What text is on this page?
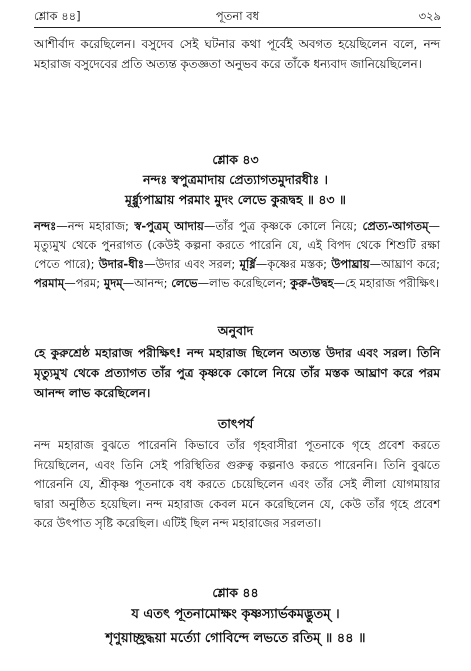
শ্লোক ৪৪]	পূতনা বধ	৩২৯
আশীর্বাদ করেছিলেন। বসুদেব সেই ঘটনার কথা পূর্বেই অবগত হয়েছিলেন বলে, নন্দ মহারাজ বসুদেবের প্রতি অত্যন্ত কৃতজ্ঞতা অনুভব করে তাঁকে ধন্যবাদ জানিয়েছিলেন।
শ্লোক ৪৩
নন্দঃ স্বপুত্রমাদায় প্রেত্যাগতমুদারধীঃ ।
মূর্ধ্ন্যুপাঘ্রায় পরমাং মুদং লেভে কুরূদ্বহ ॥ ৪৩ ॥
নন্দঃ—নন্দ মহারাজ; স্ব-পুত্রম্ আদায়—তাঁর পুত্র কৃষ্ণকে কোলে নিয়ে; প্রেত্য-আগতম্—মৃত্যুমুখ থেকে পুনরাগত (কেউই কল্পনা করতে পারেনি যে, এই বিপদ থেকে শিশুটি রক্ষা পেতে পারে); উদার-ধীঃ—উদার এবং সরল; মূর্ধ্নি—কৃষ্ণের মস্তক; উপাঘ্রায়—আঘ্রাণ করে; পরমাম্—পরম; মুদম্—আনন্দ; লেভে—লাভ করেছিলেন; কুরু-উদ্বহ—হে মহারাজ পরীক্ষিৎ।
অনুবাদ
হে কুরুশ্রেষ্ঠ মহারাজ পরীক্ষিৎ! নন্দ মহারাজ ছিলেন অত্যন্ত উদার এবং সরল। তিনি মৃত্যুমুখ থেকে প্রত্যাগত তাঁর পুত্র কৃষ্ণকে কোলে নিয়ে তাঁর মস্তক আঘ্রাণ করে পরম আনন্দ লাভ করেছিলেন।
তাৎপর্য
নন্দ মহারাজ বুঝতে পারেননি কিভাবে তাঁর গৃহবাসীরা পূতনাকে গৃহে প্রবেশ করতে দিয়েছিলেন, এবং তিনি সেই পরিস্থিতির গুরুত্ব কল্পনাও করতে পারেননি। তিনি বুঝতে পারেননি যে, শ্রীকৃষ্ণ পূতনাকে বধ করতে চেয়েছিলেন এবং তাঁর সেই লীলা যোগমায়ার দ্বারা অনুষ্ঠিত হয়েছিল। নন্দ মহারাজ কেবল মনে করেছিলেন যে, কেউ তাঁর গৃহে প্রবেশ করে উৎপাত সৃষ্টি করেছিল। এটিই ছিল নন্দ মহারাজের সরলতা।
শ্লোক ৪৪
য এতৎ পূতনামোক্ষং কৃষ্ণস্যার্ভকমদ্ভুতম্ ।
শৃণুয়াচ্ছ্রদ্ধয়া মর্ত্যো গোবিন্দে লভতে রতিম্ ॥ ৪৪ ॥
